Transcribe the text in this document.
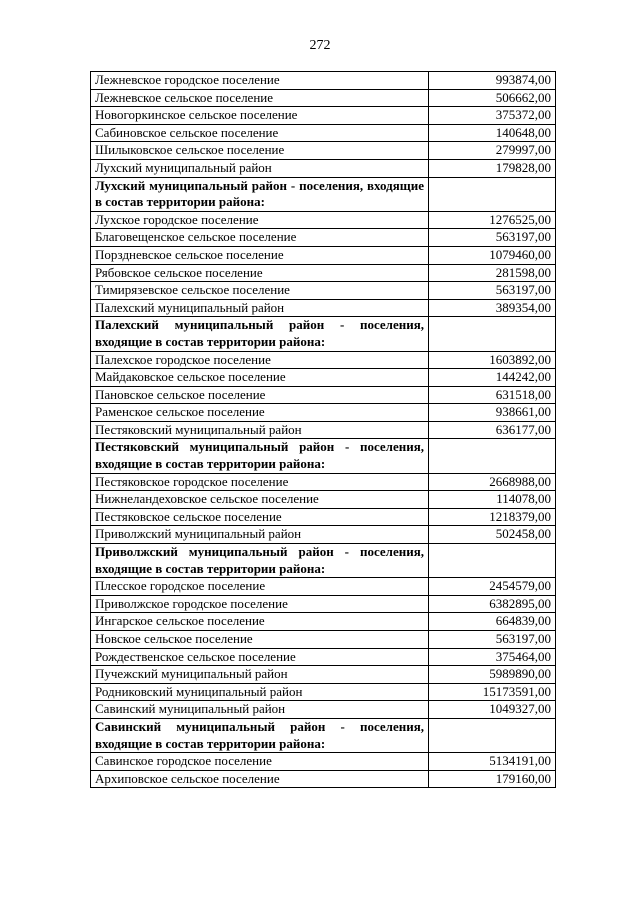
272
Лежневское городское поселение	993874,00
Лежневское сельское поселение	506662,00
Новогоркинское сельское поселение	375372,00
Сабиновское сельское поселение	140648,00
Шилыковское сельское поселение	279997,00
Лухский муниципальный район	179828,00
Лухский муниципальный район - поселения, входящие в состав территории района:	
Лухское городское поселение	1276525,00
Благовещенское сельское поселение	563197,00
Порздневское сельское поселение	1079460,00
Рябовское сельское поселение	281598,00
Тимирязевское сельское поселение	563197,00
Палехский муниципальный район	389354,00
Палехский муниципальный район - поселения, входящие в состав территории района:	
Палехское городское поселение	1603892,00
Майдаковское сельское поселение	144242,00
Пановское сельское поселение	631518,00
Раменское сельское поселение	938661,00
Пестяковский муниципальный район	636177,00
Пестяковский муниципальный район - поселения, входящие в состав территории района:	
Пестяковское городское поселение	2668988,00
Нижнеландеховское сельское поселение	114078,00
Пестяковское сельское поселение	1218379,00
Приволжский муниципальный район	502458,00
Приволжский муниципальный район - поселения, входящие в состав территории района:	
Плесское городское поселение	2454579,00
Приволжское городское поселение	6382895,00
Ингарское сельское поселение	664839,00
Новское сельское поселение	563197,00
Рождественское сельское поселение	375464,00
Пучежский муниципальный район	5989890,00
Родниковский муниципальный район	15173591,00
Савинский муниципальный район	1049327,00
Савинский муниципальный район - поселения, входящие в состав территории района:	
Савинское городское поселение	5134191,00
Архиповское сельское поселение	179160,00
